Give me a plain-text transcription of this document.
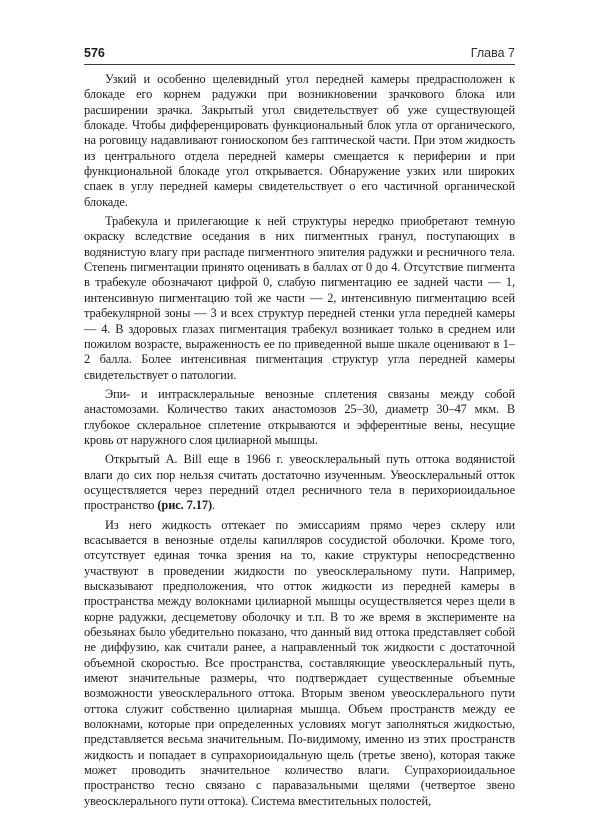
576	Глава 7

Узкий и особенно щелевидный угол передней камеры предрасположен к блокаде его корнем радужки при возникновении зрачкового блока или расширении зрачка. Закрытый угол свидетельствует об уже существующей блокаде. Чтобы дифференцировать функциональный блок угла от органического, на роговицу надавливают гониоскопом без гаптической части. При этом жидкость из центрального отдела передней камеры смещается к периферии и при функциональной блокаде угол открывается. Обнаружение узких или широких спаек в углу передней камеры свидетельствует о его частичной органической блокаде.

Трабекула и прилегающие к ней структуры нередко приобретают темную окраску вследствие оседания в них пигментных гранул, поступающих в водянистую влагу при распаде пигментного эпителия радужки и ресничного тела. Степень пигментации принято оценивать в баллах от 0 до 4. Отсутствие пигмента в трабекуле обозначают цифрой 0, слабую пигментацию ее задней части — 1, интенсивную пигментацию той же части — 2, интенсивную пигментацию всей трабекулярной зоны — 3 и всех структур передней стенки угла передней камеры — 4. В здоровых глазах пигментация трабекул возникает только в среднем или пожилом возрасте, выраженность ее по приведенной выше шкале оценивают в 1–2 балла. Более интенсивная пигментация структур угла передней камеры свидетельствует о патологии.

Эпи- и интрасклеральные венозные сплетения связаны между собой анастомозами. Количество таких анастомозов 25–30, диаметр 30–47 мкм. В глубокое склеральное сплетение открываются и эфферентные вены, несущие кровь от наружного слоя цилиарной мышцы.

Открытый A. Bill еще в 1966 г. увеосклеральный путь оттока водянистой влаги до сих пор нельзя считать достаточно изученным. Увеосклеральный отток осуществляется через передний отдел ресничного тела в перихориоидальное пространство (рис. 7.17).

Из него жидкость оттекает по эмиссариям прямо через склеру или всасывается в венозные отделы капилляров сосудистой оболочки. Кроме того, отсутствует единая точка зрения на то, какие структуры непосредственно участвуют в проведении жидкости по увеосклеральному пути. Например, высказывают предположения, что отток жидкости из передней камеры в пространства между волокнами цилиарной мышцы осуществляется через щели в корне радужки, десцеметову оболочку и т.п. В то же время в эксперименте на обезьянах было убедительно показано, что данный вид оттока представляет собой не диффузию, как считали ранее, а направленный ток жидкости с достаточной объемной скоростью. Все пространства, составляющие увеосклеральный путь, имеют значительные размеры, что подтверждает существенные объемные возможности увеосклерального оттока. Вторым звеном увеосклерального пути оттока служит собственно цилиарная мышца. Объем пространств между ее волокнами, которые при определенных условиях могут заполняться жидкостью, представляется весьма значительным. По-видимому, именно из этих пространств жидкость и попадает в супрахориоидальную щель (третье звено), которая также может проводить значительное количество влаги. Супрахориоидальное пространство тесно связано с паравазальными щелями (четвертое звено увеосклерального пути оттока). Система вместительных полостей,
